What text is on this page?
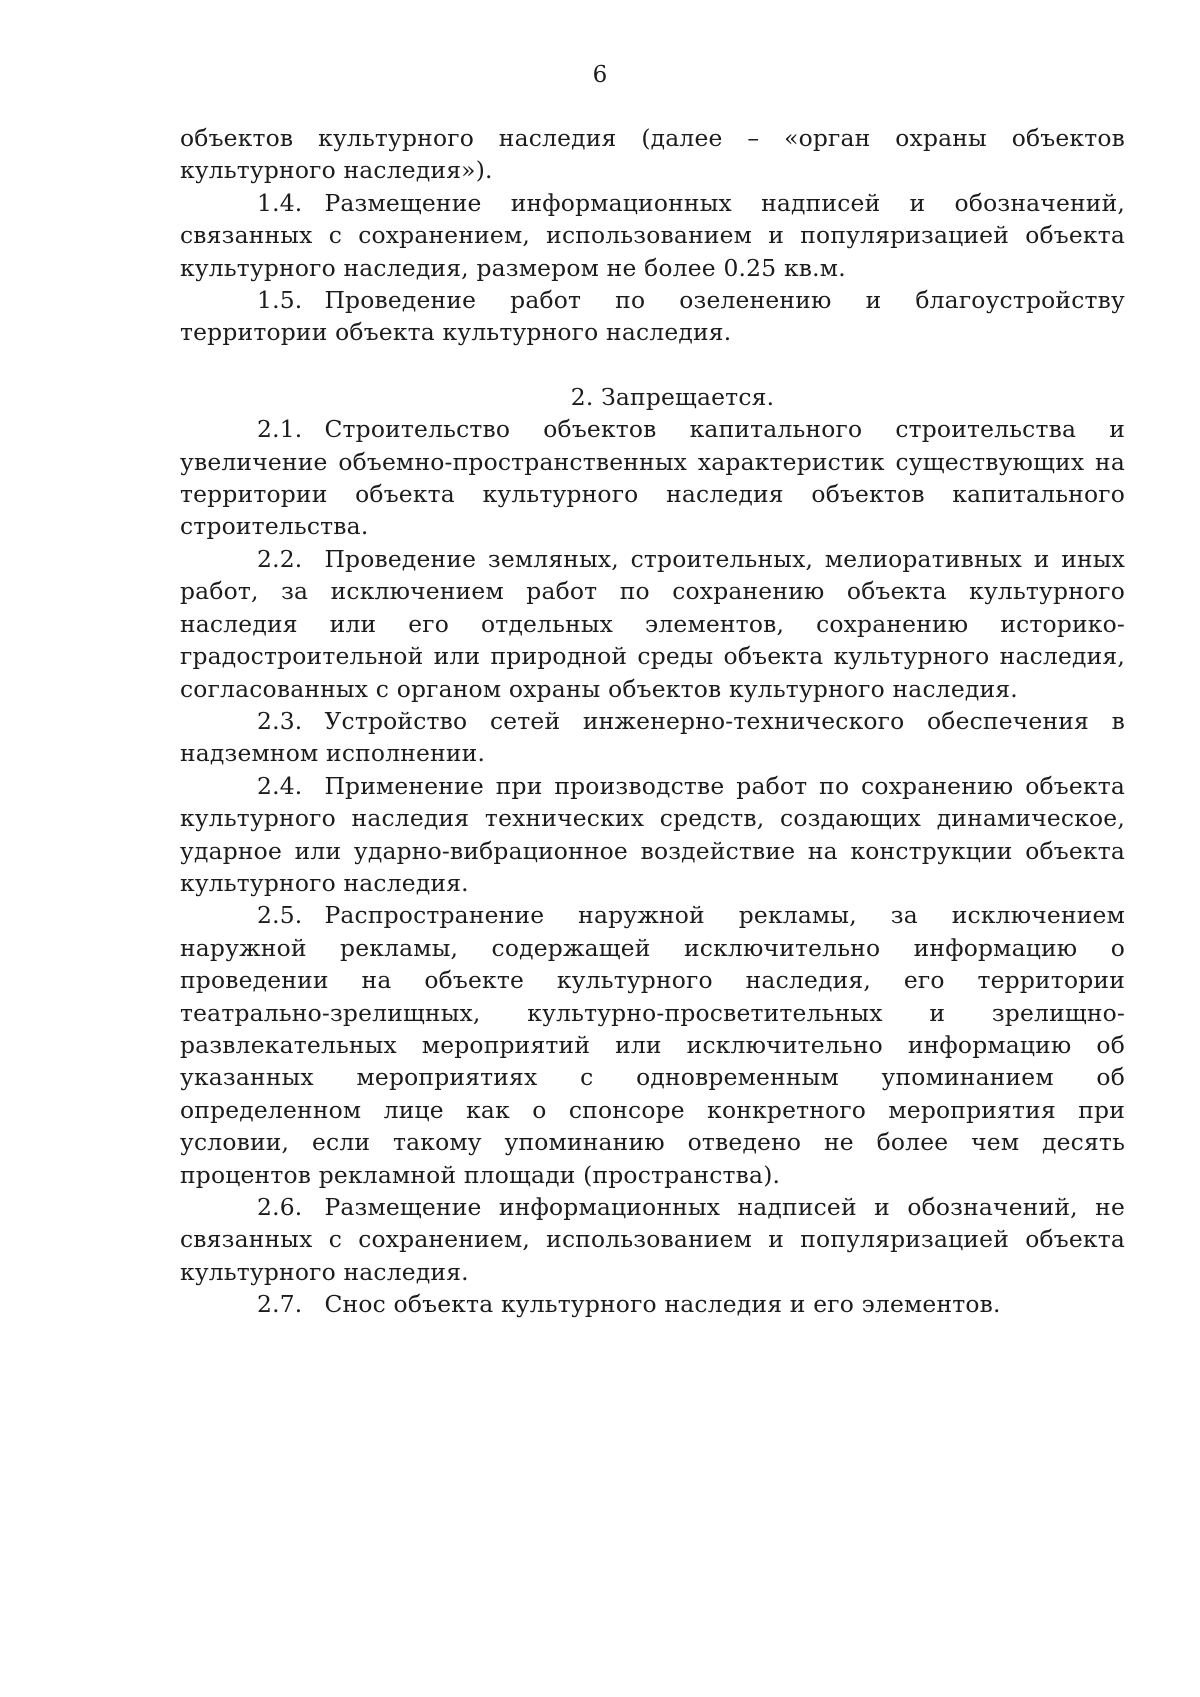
6

объектов культурного наследия (далее – «орган охраны объектов культурного наследия»).

1.4. Размещение информационных надписей и обозначений, связанных с сохранением, использованием и популяризацией объекта культурного наследия, размером не более 0.25 кв.м.

1.5. Проведение работ по озеленению и благоустройству территории объекта культурного наследия.

2. Запрещается.

2.1. Строительство объектов капитального строительства и увеличение объемно-пространственных характеристик существующих на территории объекта культурного наследия объектов капитального строительства.

2.2. Проведение земляных, строительных, мелиоративных и иных работ, за исключением работ по сохранению объекта культурного наследия или его отдельных элементов, сохранению историко-градостроительной или природной среды объекта культурного наследия, согласованных с органом охраны объектов культурного наследия.

2.3. Устройство сетей инженерно-технического обеспечения в надземном исполнении.

2.4. Применение при производстве работ по сохранению объекта культурного наследия технических средств, создающих динамическое, ударное или ударно-вибрационное воздействие на конструкции объекта культурного наследия.

2.5. Распространение наружной рекламы, за исключением наружной рекламы, содержащей исключительно информацию о проведении на объекте культурного наследия, его территории театрально-зрелищных, культурно-просветительных и зрелищно-развлекательных мероприятий или исключительно информацию об указанных мероприятиях с одновременным упоминанием об определенном лице как о спонсоре конкретного мероприятия при условии, если такому упоминанию отведено не более чем десять процентов рекламной площади (пространства).

2.6. Размещение информационных надписей и обозначений, не связанных с сохранением, использованием и популяризацией объекта культурного наследия.

2.7. Снос объекта культурного наследия и его элементов.
